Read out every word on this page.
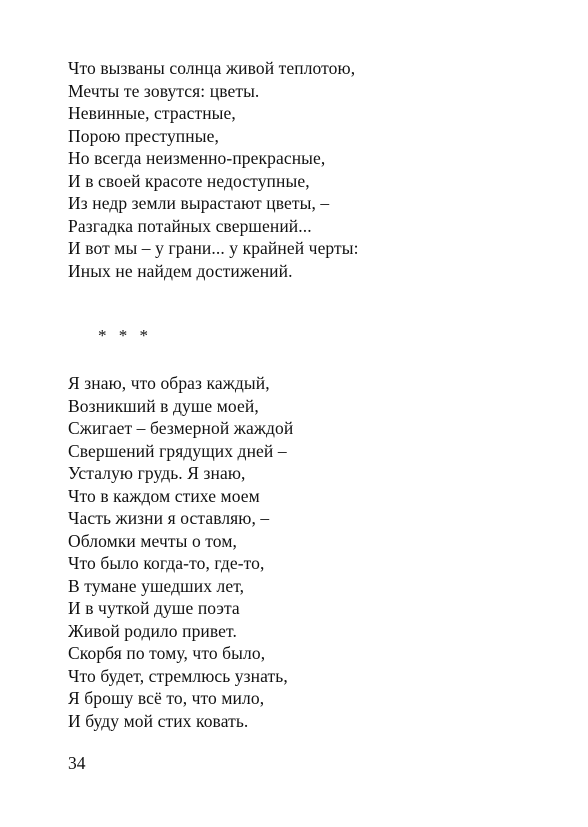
Что вызваны солнца живой теплотою,
Мечты те зовутся: цветы.
Невинные, страстные,
Порою преступные,
Но всегда неизменно-прекрасные,
И в своей красоте недоступные,
Из недр земли вырастают цветы, –
Разгадка потайных свершений...
И вот мы – у грани... у крайней черты:
Иных не найдем достижений.
* * *
Я знаю, что образ каждый,
Возникший в душе моей,
Сжигает – безмерной жаждой
Свершений грядущих дней –
Усталую грудь. Я знаю,
Что в каждом стихе моем
Часть жизни я оставляю, –
Обломки мечты о том,
Что было когда-то, где-то,
В тумане ушедших лет,
И в чуткой душе поэта
Живой родило привет.
Скорбя по тому, что было,
Что будет, стремлюсь узнать,
Я брошу всё то, что мило,
И буду мой стих ковать.
34
